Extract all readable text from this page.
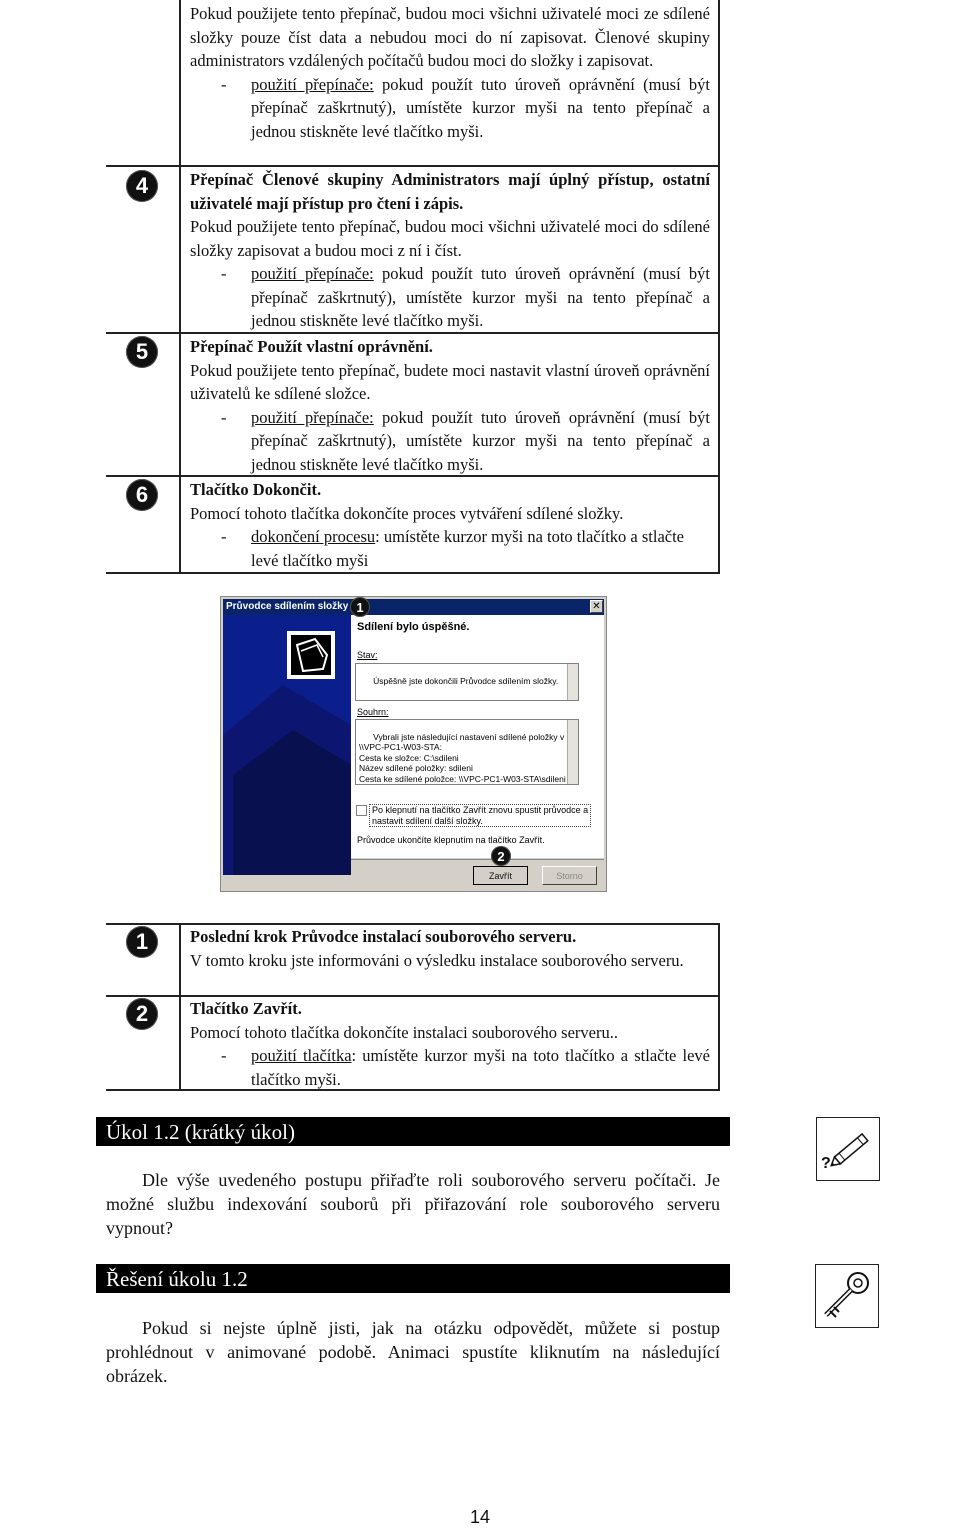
Pokud použijete tento přepínač, budou moci všichni uživatelé moci ze sdílené složky pouze číst data a nebudou moci do ní zapisovat. Členové skupiny administrators vzdálených počítačů budou moci do složky i zapisovat.
- použití přepínače: pokud použít tuto úroveň oprávnění (musí být přepínač zaškrtnutý), umístěte kurzor myši na tento přepínač a jednou stiskněte levé tlačítko myši.
4	Přepínač Členové skupiny Administrators mají úplný přístup, ostatní uživatelé mají přístup pro čtení i zápis.
Pokud použijete tento přepínač, budou moci všichni uživatelé moci do sdílené složky zapisovat a budou moci z ní i číst.
- použití přepínače: pokud použít tuto úroveň oprávnění (musí být přepínač zaškrtnutý), umístěte kurzor myši na tento přepínač a jednou stiskněte levé tlačítko myši.
5	Přepínač Použít vlastní oprávnění.
Pokud použijete tento přepínač, budete moci nastavit vlastní úroveň oprávnění uživatelů ke sdílené složce.
- použití přepínače: pokud použít tuto úroveň oprávnění (musí být přepínač zaškrtnutý), umístěte kurzor myši na tento přepínač a jednou stiskněte levé tlačítko myši.
6	Tlačítko Dokončit.
Pomocí tohoto tlačítka dokončíte proces vytváření sdílené složky.
- dokončení procesu: umístěte kurzor myši na toto tlačítko a stlačte levé tlačítko myši
Průvodce sdílením složky	✕
Sdílení bylo úspěšné.
Stav:

Úspěšně jste dokončili Průvodce sdílením složky.

Souhrn:

Vybrali jste následující nastavení sdílené položky v
\\VPC-PC1-W03-STA:
Cesta ke složce: C:\sdileni
Název sdílené položky: sdileni
Cesta ke sdílené položce: \\VPC-PC1-W03-STA\sdileni

Po klepnutí na tlačítko Zavřít znovu spustit průvodce a
nastavit sdílení další složky.
Průvodce ukončíte klepnutím na tlačítko Zavřít.
Zavřít	Storno
1
2
1	Poslední krok Průvodce instalací souborového serveru.
V tomto kroku jste informováni o výsledku instalace souborového serveru.
2	Tlačítko Zavřít.
Pomocí tohoto tlačítka dokončíte instalaci souborového serveru..
- použití tlačítka: umístěte kurzor myši na toto tlačítko a stlačte levé tlačítko myši.
Úkol 1.2 (krátký úkol)
?
Dle výše uvedeného postupu přiřaďte roli souborového serveru počítači. Je možné službu indexování souborů při přiřazování role souborového serveru vypnout?
Řešení úkolu 1.2
Pokud si nejste úplně jisti, jak na otázku odpovědět, můžete si postup prohlédnout v animované podobě. Animaci spustíte kliknutím na následující obrázek.
14
